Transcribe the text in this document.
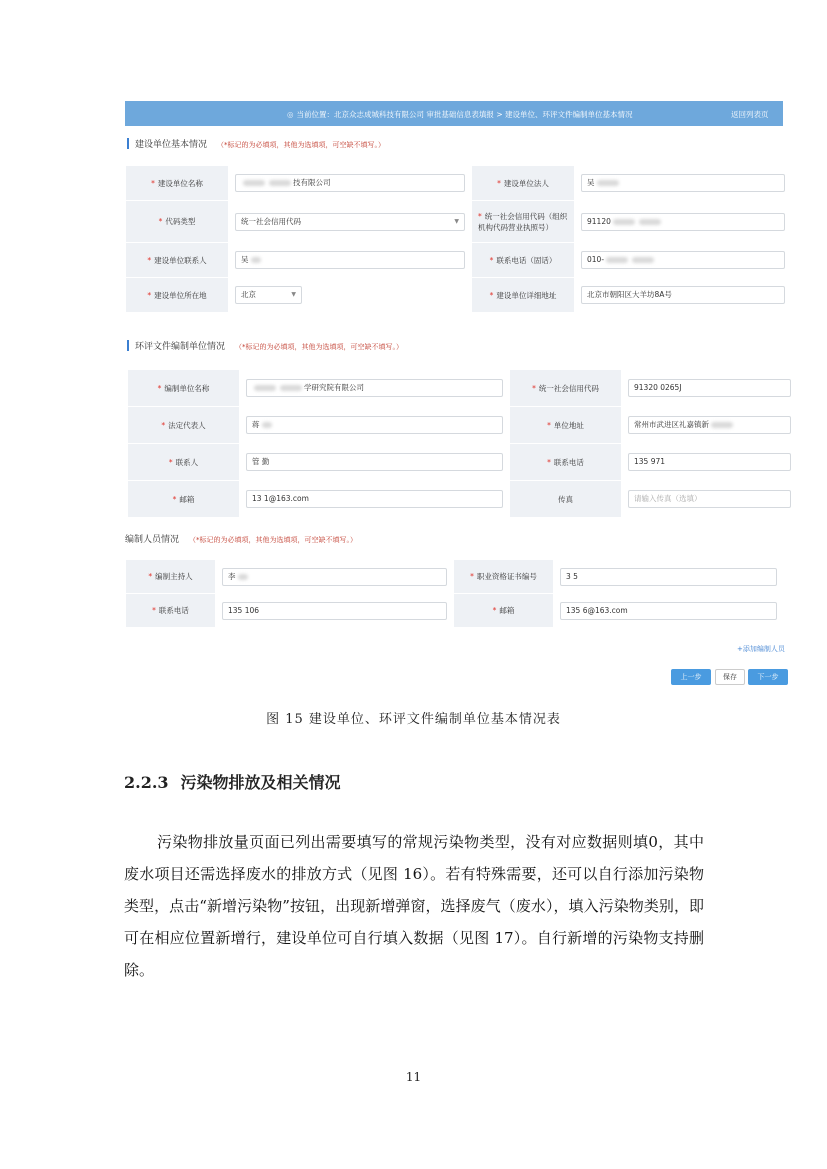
◎ 当前位置：北京众志成城科技有限公司 审批基础信息表填报 > 建设单位、环评文件编制单位基本情况	返回列表页
建设单位基本情况 （*标记的为必填项，其他为选填项，可空缺不填写。）
* 建设单位名称	技有限公司	* 建设单位法人	吴

* 代码类型	统一社会信用代码 ▼	* 统一社会信用代码（组织机构代码营业执照号）	91120

* 建设单位联系人	吴	* 联系电话（固话）	010-

* 建设单位所在地	北京 ▼	* 建设单位详细地址	北京市朝阳区大羊坊8A号
环评文件编制单位情况 （*标记的为必填项，其他为选填项，可空缺不填写。）
* 编制单位名称	学研究院有限公司	* 统一社会信用代码	91320 0265J

* 法定代表人	蒋	* 单位地址	常州市武进区礼嘉镇新

* 联系人	管 勤	* 联系电话	135 971

* 邮箱	13 1@163.com	传真	请输入传真（选填）
编制人员情况 （*标记的为必填项，其他为选填项，可空缺不填写。）
* 编制主持人	李	* 职业资格证书编号	3 5

* 联系电话	135 106	* 邮箱	135 6@163.com
+添加编制人员
上一步	保存	下一步
图 15 建设单位、环评文件编制单位基本情况表
2.2.3 污染物排放及相关情况
污染物排放量页面已列出需要填写的常规污染物类型，没有对应数据则填0，其中废水项目还需选择废水的排放方式（见图 16）。若有特殊需要，还可以自行添加污染物类型，点击“新增污染物”按钮，出现新增弹窗，选择废气（废水），填入污染物类别，即可在相应位置新增行，建设单位可自行填入数据（见图 17）。自行新增的污染物支持删除。
11
